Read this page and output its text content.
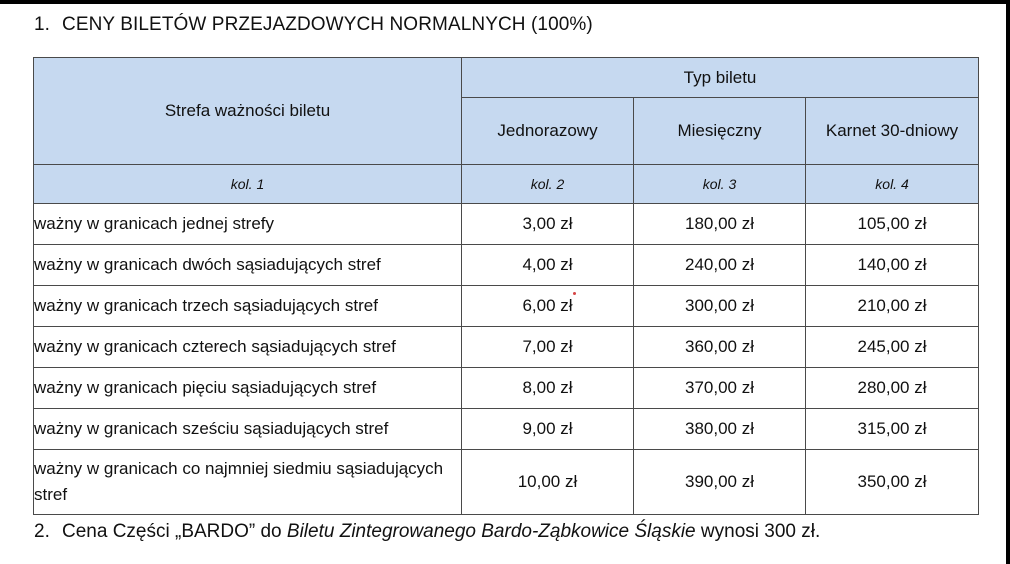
1. CENY BILETÓW PRZEJAZDOWYCH NORMALNYCH (100%)
Strefa ważności biletu	Typ biletu		
	Jednorazowy	Miesięczny	Karnet 30-dniowy
kol. 1	kol. 2	kol. 3	kol. 4
ważny w granicach jednej strefy	3,00 zł	180,00 zł	105,00 zł
ważny w granicach dwóch sąsiadujących stref	4,00 zł	240,00 zł	140,00 zł
ważny w granicach trzech sąsiadujących stref	6,00 zł	300,00 zł	210,00 zł
ważny w granicach czterech sąsiadujących stref	7,00 zł	360,00 zł	245,00 zł
ważny w granicach pięciu sąsiadujących stref	8,00 zł	370,00 zł	280,00 zł
ważny w granicach sześciu sąsiadujących stref	9,00 zł	380,00 zł	315,00 zł
ważny w granicach co najmniej siedmiu sąsiadujących stref	10,00 zł	390,00 zł	350,00 zł
2. Cena Części „BARDO” do Biletu Zintegrowanego Bardo-Ząbkowice Śląskie wynosi 300 zł.
